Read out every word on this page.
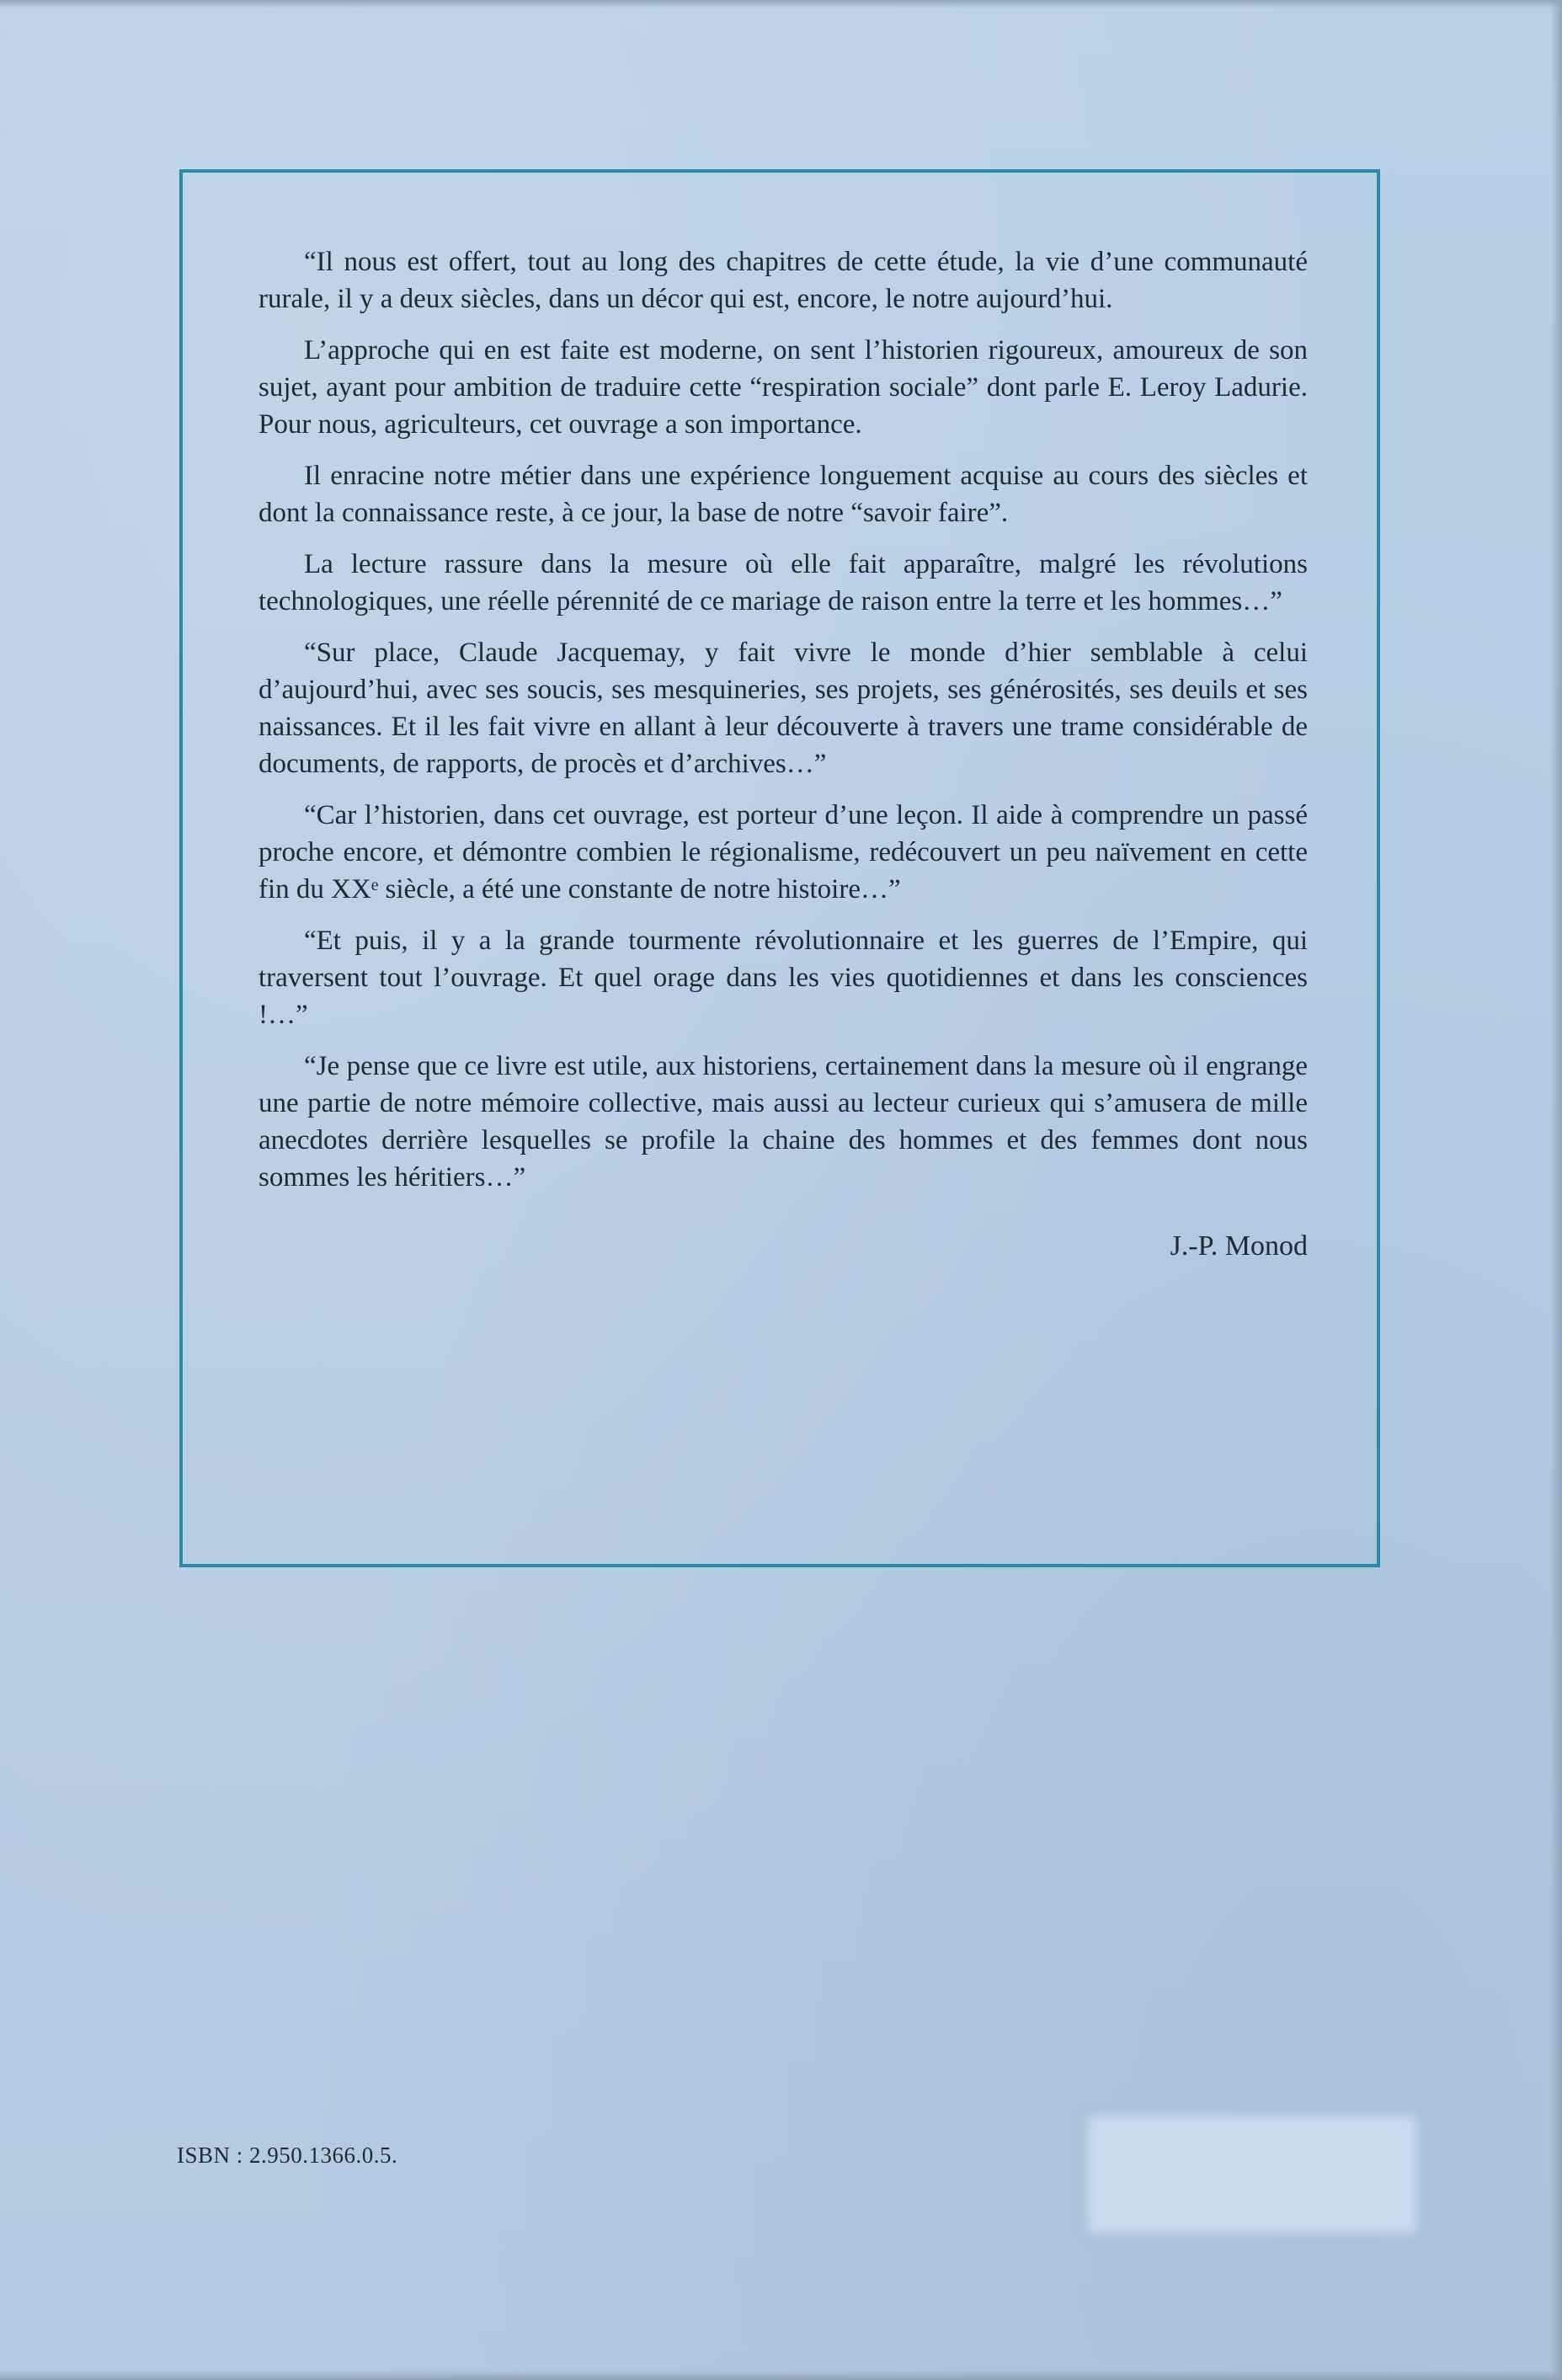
“Il nous est offert, tout au long des chapitres de cette étude, la vie d’une communauté rurale, il y a deux siècles, dans un décor qui est, encore, le notre aujourd’hui.

L’approche qui en est faite est moderne, on sent l’historien rigoureux, amoureux de son sujet, ayant pour ambition de traduire cette “respiration sociale” dont parle E. Leroy Ladurie. Pour nous, agriculteurs, cet ouvrage a son importance.

Il enracine notre métier dans une expérience longuement acquise au cours des siècles et dont la connaissance reste, à ce jour, la base de notre “savoir faire”.

La lecture rassure dans la mesure où elle fait apparaître, malgré les révolutions technologiques, une réelle pérennité de ce mariage de raison entre la terre et les hommes…”

“Sur place, Claude Jacquemay, y fait vivre le monde d’hier semblable à celui d’aujourd’hui, avec ses soucis, ses mesquineries, ses projets, ses générosités, ses deuils et ses naissances. Et il les fait vivre en allant à leur découverte à travers une trame considérable de documents, de rapports, de procès et d’archives…”

“Car l’historien, dans cet ouvrage, est porteur d’une leçon. Il aide à comprendre un passé proche encore, et démontre combien le régionalisme, redécouvert un peu naïvement en cette fin du XXᵉ siècle, a été une constante de notre histoire…”

“Et puis, il y a la grande tourmente révolutionnaire et les guerres de l’Empire, qui traversent tout l’ouvrage. Et quel orage dans les vies quotidiennes et dans les consciences !…”

“Je pense que ce livre est utile, aux historiens, certainement dans la mesure où il engrange une partie de notre mémoire collective, mais aussi au lecteur curieux qui s’amusera de mille anecdotes derrière lesquelles se profile la chaine des hommes et des femmes dont nous sommes les héritiers…”

J.-P. Monod

ISBN : 2.950.1366.0.5.
